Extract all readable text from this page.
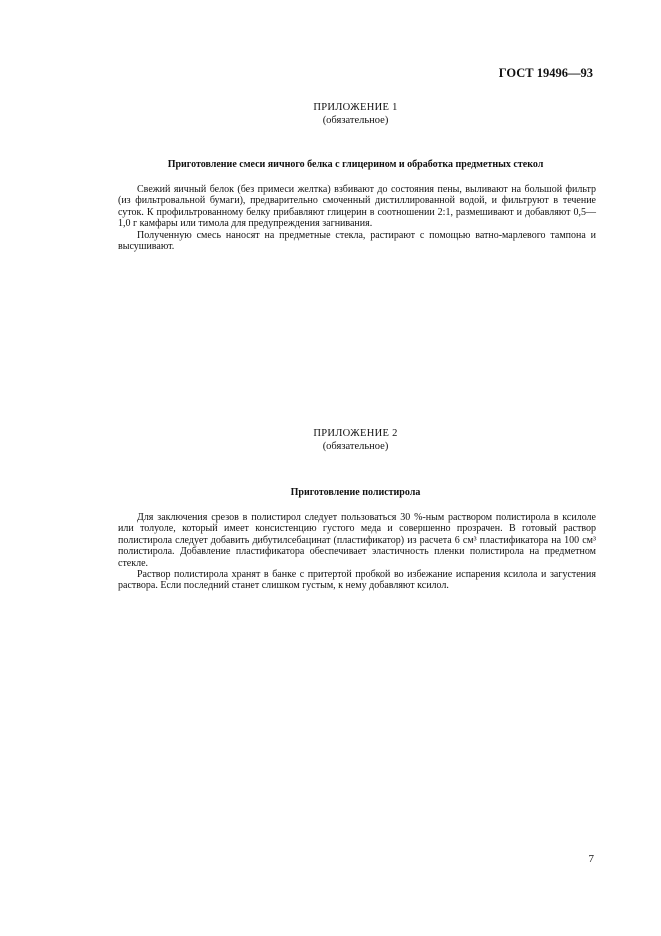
ГОСТ 19496—93
ПРИЛОЖЕНИЕ 1
(обязательное)
Приготовление смеси яичного белка с глицерином и обработка предметных стекол

Свежий яичный белок (без примеси желтка) взбивают до состояния пены, выливают на большой фильтр (из фильтровальной бумаги), предварительно смоченный дистиллированной водой, и фильтруют в течение суток. К профильтрованному белку прибавляют глицерин в соотношении 2:1, размешивают и добавляют 0,5—1,0 г камфары или тимола для предупреждения загнивания.

Полученную смесь наносят на предметные стекла, растирают с помощью ватно-марлевого тампона и высушивают.

ПРИЛОЖЕНИЕ 2
(обязательное)
Приготовление полистирола

Для заключения срезов в полистирол следует пользоваться 30 %-ным раствором полистирола в ксилоле или толуоле, который имеет консистенцию густого меда и совершенно прозрачен. В готовый раствор полистирола следует добавить дибутилсебацинат (пластификатор) из расчета 6 см³ пластификатора на 100 см³ полистирола. Добавление пластификатора обеспечивает эластичность пленки полистирола на предметном стекле.

Раствор полистирола хранят в банке с притертой пробкой во избежание испарения ксилола и загустения раствора. Если последний станет слишком густым, к нему добавляют ксилол.

7
